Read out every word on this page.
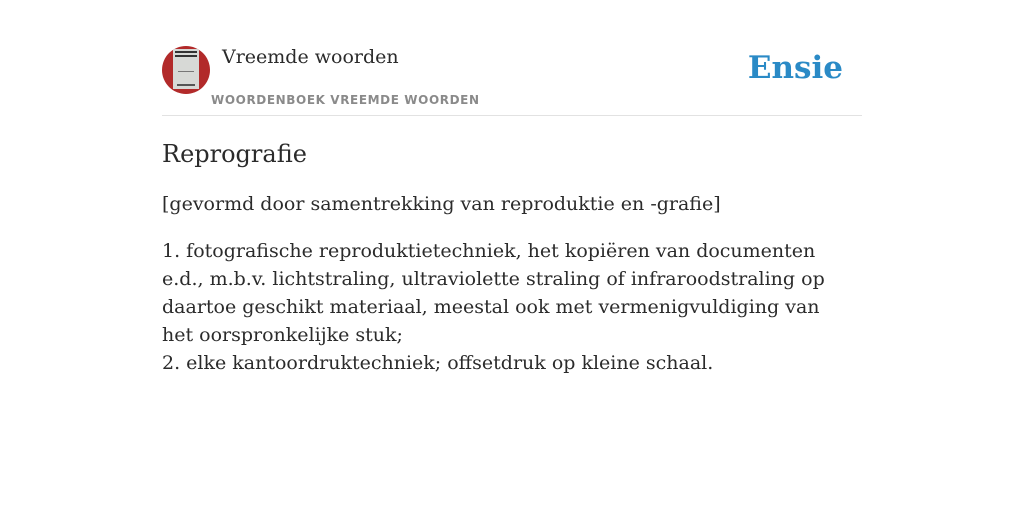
Vreemde woorden
WOORDENBOEK VREEMDE WOORDEN
Ensie
Reprografie

[gevormd door samentrekking van reproduktie en -grafie]

1. fotografische reproduktietechniek, het kopiëren van documenten e.d., m.b.v. lichtstraling, ultraviolette straling of infraroodstraling op daartoe geschikt materiaal, meestal ook met vermenigvuldiging van het oorspronkelijke stuk;
2. elke kantoordruktechniek; offsetdruk op kleine schaal.
